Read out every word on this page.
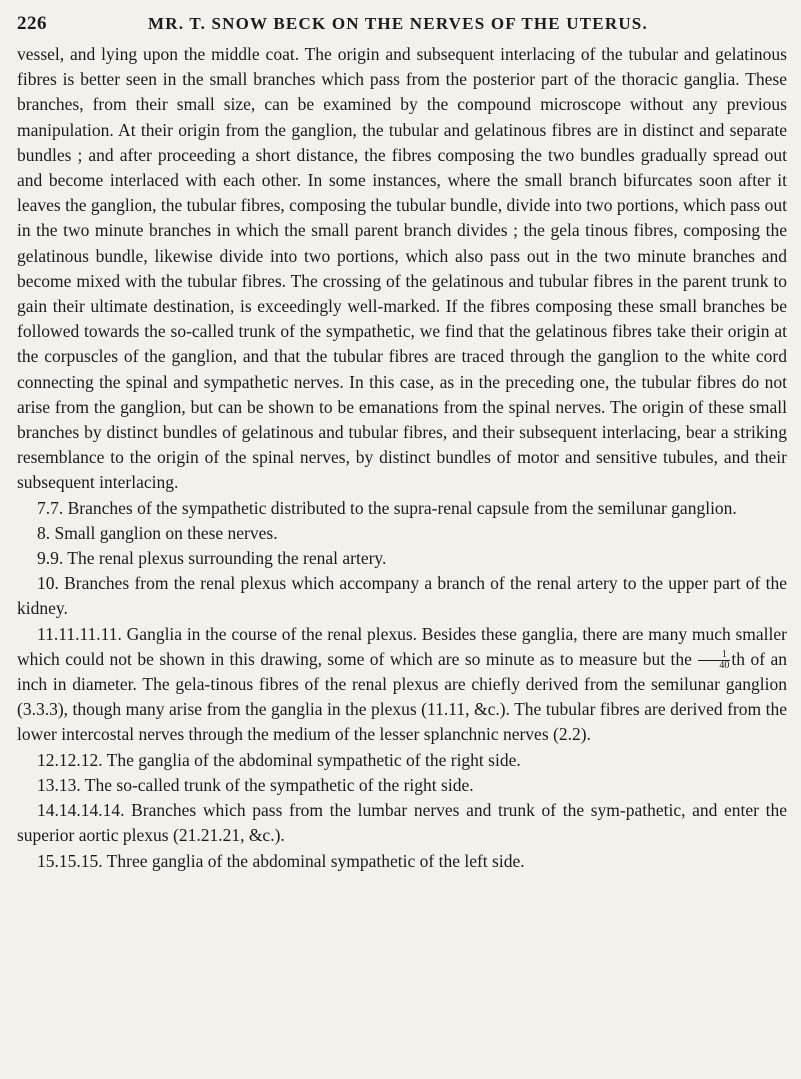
226	MR. T. SNOW BECK ON THE NERVES OF THE UTERUS.

vessel, and lying upon the middle coat. The origin and subsequent interlacing of the tubular and gelatinous fibres is better seen in the small branches which pass from the posterior part of the thoracic ganglia. These branches, from their small size, can be examined by the compound microscope without any previous manipulation. At their origin from the ganglion, the tubular and gelatinous fibres are in distinct and separate bundles ; and after proceeding a short distance, the fibres composing the two bundles gradually spread out and become interlaced with each other. In some instances, where the small branch bifurcates soon after it leaves the ganglion, the tubular fibres, composing the tubular bundle, divide into two portions, which pass out in the two minute branches in which the small parent branch divides ; the gela tinous fibres, composing the gelatinous bundle, likewise divide into two portions, which also pass out in the two minute branches and become mixed with the tubular fibres. The crossing of the gelatinous and tubular fibres in the parent trunk to gain their ultimate destination, is exceedingly well-marked. If the fibres composing these small branches be followed towards the so-called trunk of the sympathetic, we find that the gelatinous fibres take their origin at the corpuscles of the ganglion, and that the tubular fibres are traced through the ganglion to the white cord connecting the spinal and sympathetic nerves. In this case, as in the preceding one, the tubular fibres do not arise from the ganglion, but can be shown to be emanations from the spinal nerves. The origin of these small branches by distinct bundles of gelatinous and tubular fibres, and their subsequent interlacing, bear a striking resemblance to the origin of the spinal nerves, by distinct bundles of motor and sensitive tubules, and their subsequent interlacing.

7.7. Branches of the sympathetic distributed to the supra-renal capsule from the semilunar ganglion.

8. Small ganglion on these nerves.

9.9. The renal plexus surrounding the renal artery.

10. Branches from the renal plexus which accompany a branch of the renal artery to the upper part of the kidney.

11.11.11.11. Ganglia in the course of the renal plexus. Besides these ganglia, there are many much smaller which could not be shown in this drawing, some of which are so minute as to measure but the $\frac{1}{40}$ th of an inch in diameter. The gela-tinous fibres of the renal plexus are chiefly derived from the semilunar ganglion (3.3.3), though many arise from the ganglia in the plexus (11.11, &c.). The tubular fibres are derived from the lower intercostal nerves through the medium of the lesser splanchnic nerves (2.2).

12.12.12. The ganglia of the abdominal sympathetic of the right side.

13.13. The so-called trunk of the sympathetic of the right side.

14.14.14.14. Branches which pass from the lumbar nerves and trunk of the sym-pathetic, and enter the superior aortic plexus (21.21.21, &c.).

15.15.15. Three ganglia of the abdominal sympathetic of the left side.
